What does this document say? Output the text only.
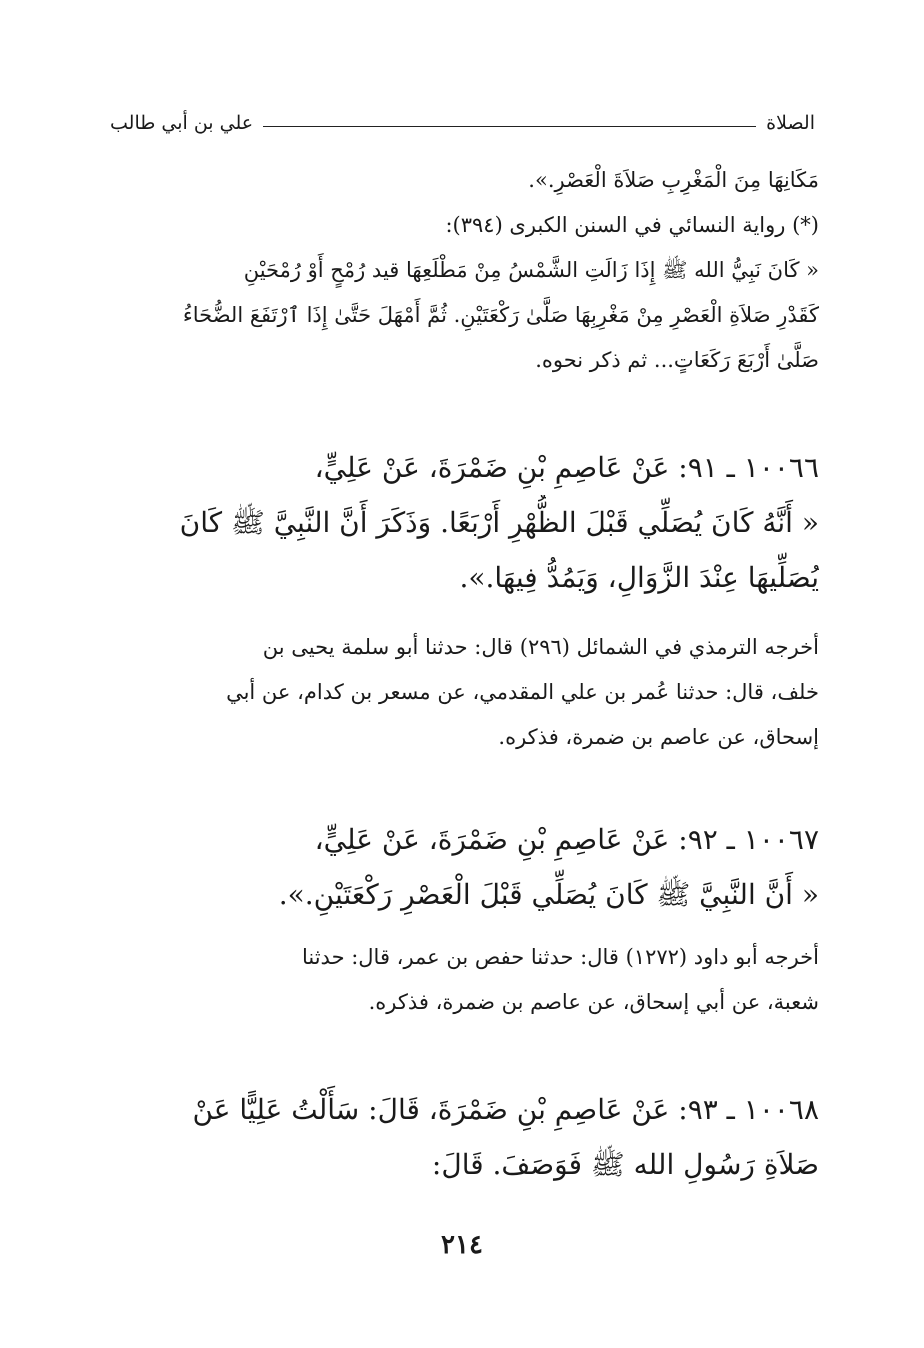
الصلاة
علي بن أبي طالب
مَكَانِهَا مِنَ الْمَغْرِبِ صَلاَةَ الْعَصْرِ.».
(*) رواية النسائي في السنن الكبرى (٣٩٤):
« كَانَ نَبِيُّ الله ﷺ إِذَا زَالَتِ الشَّمْسُ مِنْ مَطْلَعِهَا قيد رُمْحٍ أَوْ رُمْحَيْنِ
كَقَدْرِ صَلاَةِ الْعَصْرِ مِنْ مَغْرِبِهَا صَلَّىٰ رَكْعَتَيْنِ. ثُمَّ أَمْهَلَ حَتَّىٰ إِذَا ٱرْتَفَعَ الضُّحَاءُ
صَلَّىٰ أَرْبَعَ رَكَعَاتٍ... ثم ذكر نحوه.
١٠٠٦٦ ـ ٩١: عَنْ عَاصِمِ بْنِ ضَمْرَةَ، عَنْ عَلِيٍّ،
« أَنَّهُ كَانَ يُصَلِّي قَبْلَ الظُّهْرِ أَرْبَعًا. وَذَكَرَ أَنَّ النَّبِيَّ ﷺ كَانَ
يُصَلِّيهَا عِنْدَ الزَّوَالِ، وَيَمُدُّ فِيهَا.».
أخرجه الترمذي في الشمائل (٢٩٦) قال: حدثنا أبو سلمة يحيى بن
خلف، قال: حدثنا عُمر بن علي المقدمي، عن مسعر بن كدام، عن أبي
إسحاق، عن عاصم بن ضمرة، فذكره.
١٠٠٦٧ ـ ٩٢: عَنْ عَاصِمِ بْنِ ضَمْرَةَ، عَنْ عَلِيٍّ،
« أَنَّ النَّبِيَّ ﷺ كَانَ يُصَلِّي قَبْلَ الْعَصْرِ رَكْعَتَيْنِ.».
أخرجه أبو داود (١٢٧٢) قال: حدثنا حفص بن عمر، قال: حدثنا
شعبة، عن أبي إسحاق، عن عاصم بن ضمرة، فذكره.
١٠٠٦٨ ـ ٩٣: عَنْ عَاصِمِ بْنِ ضَمْرَةَ، قَالَ: سَأَلْتُ عَلِيًّا عَنْ
صَلاَةِ رَسُولِ الله ﷺ فَوَصَفَ. قَالَ:
٢١٤
